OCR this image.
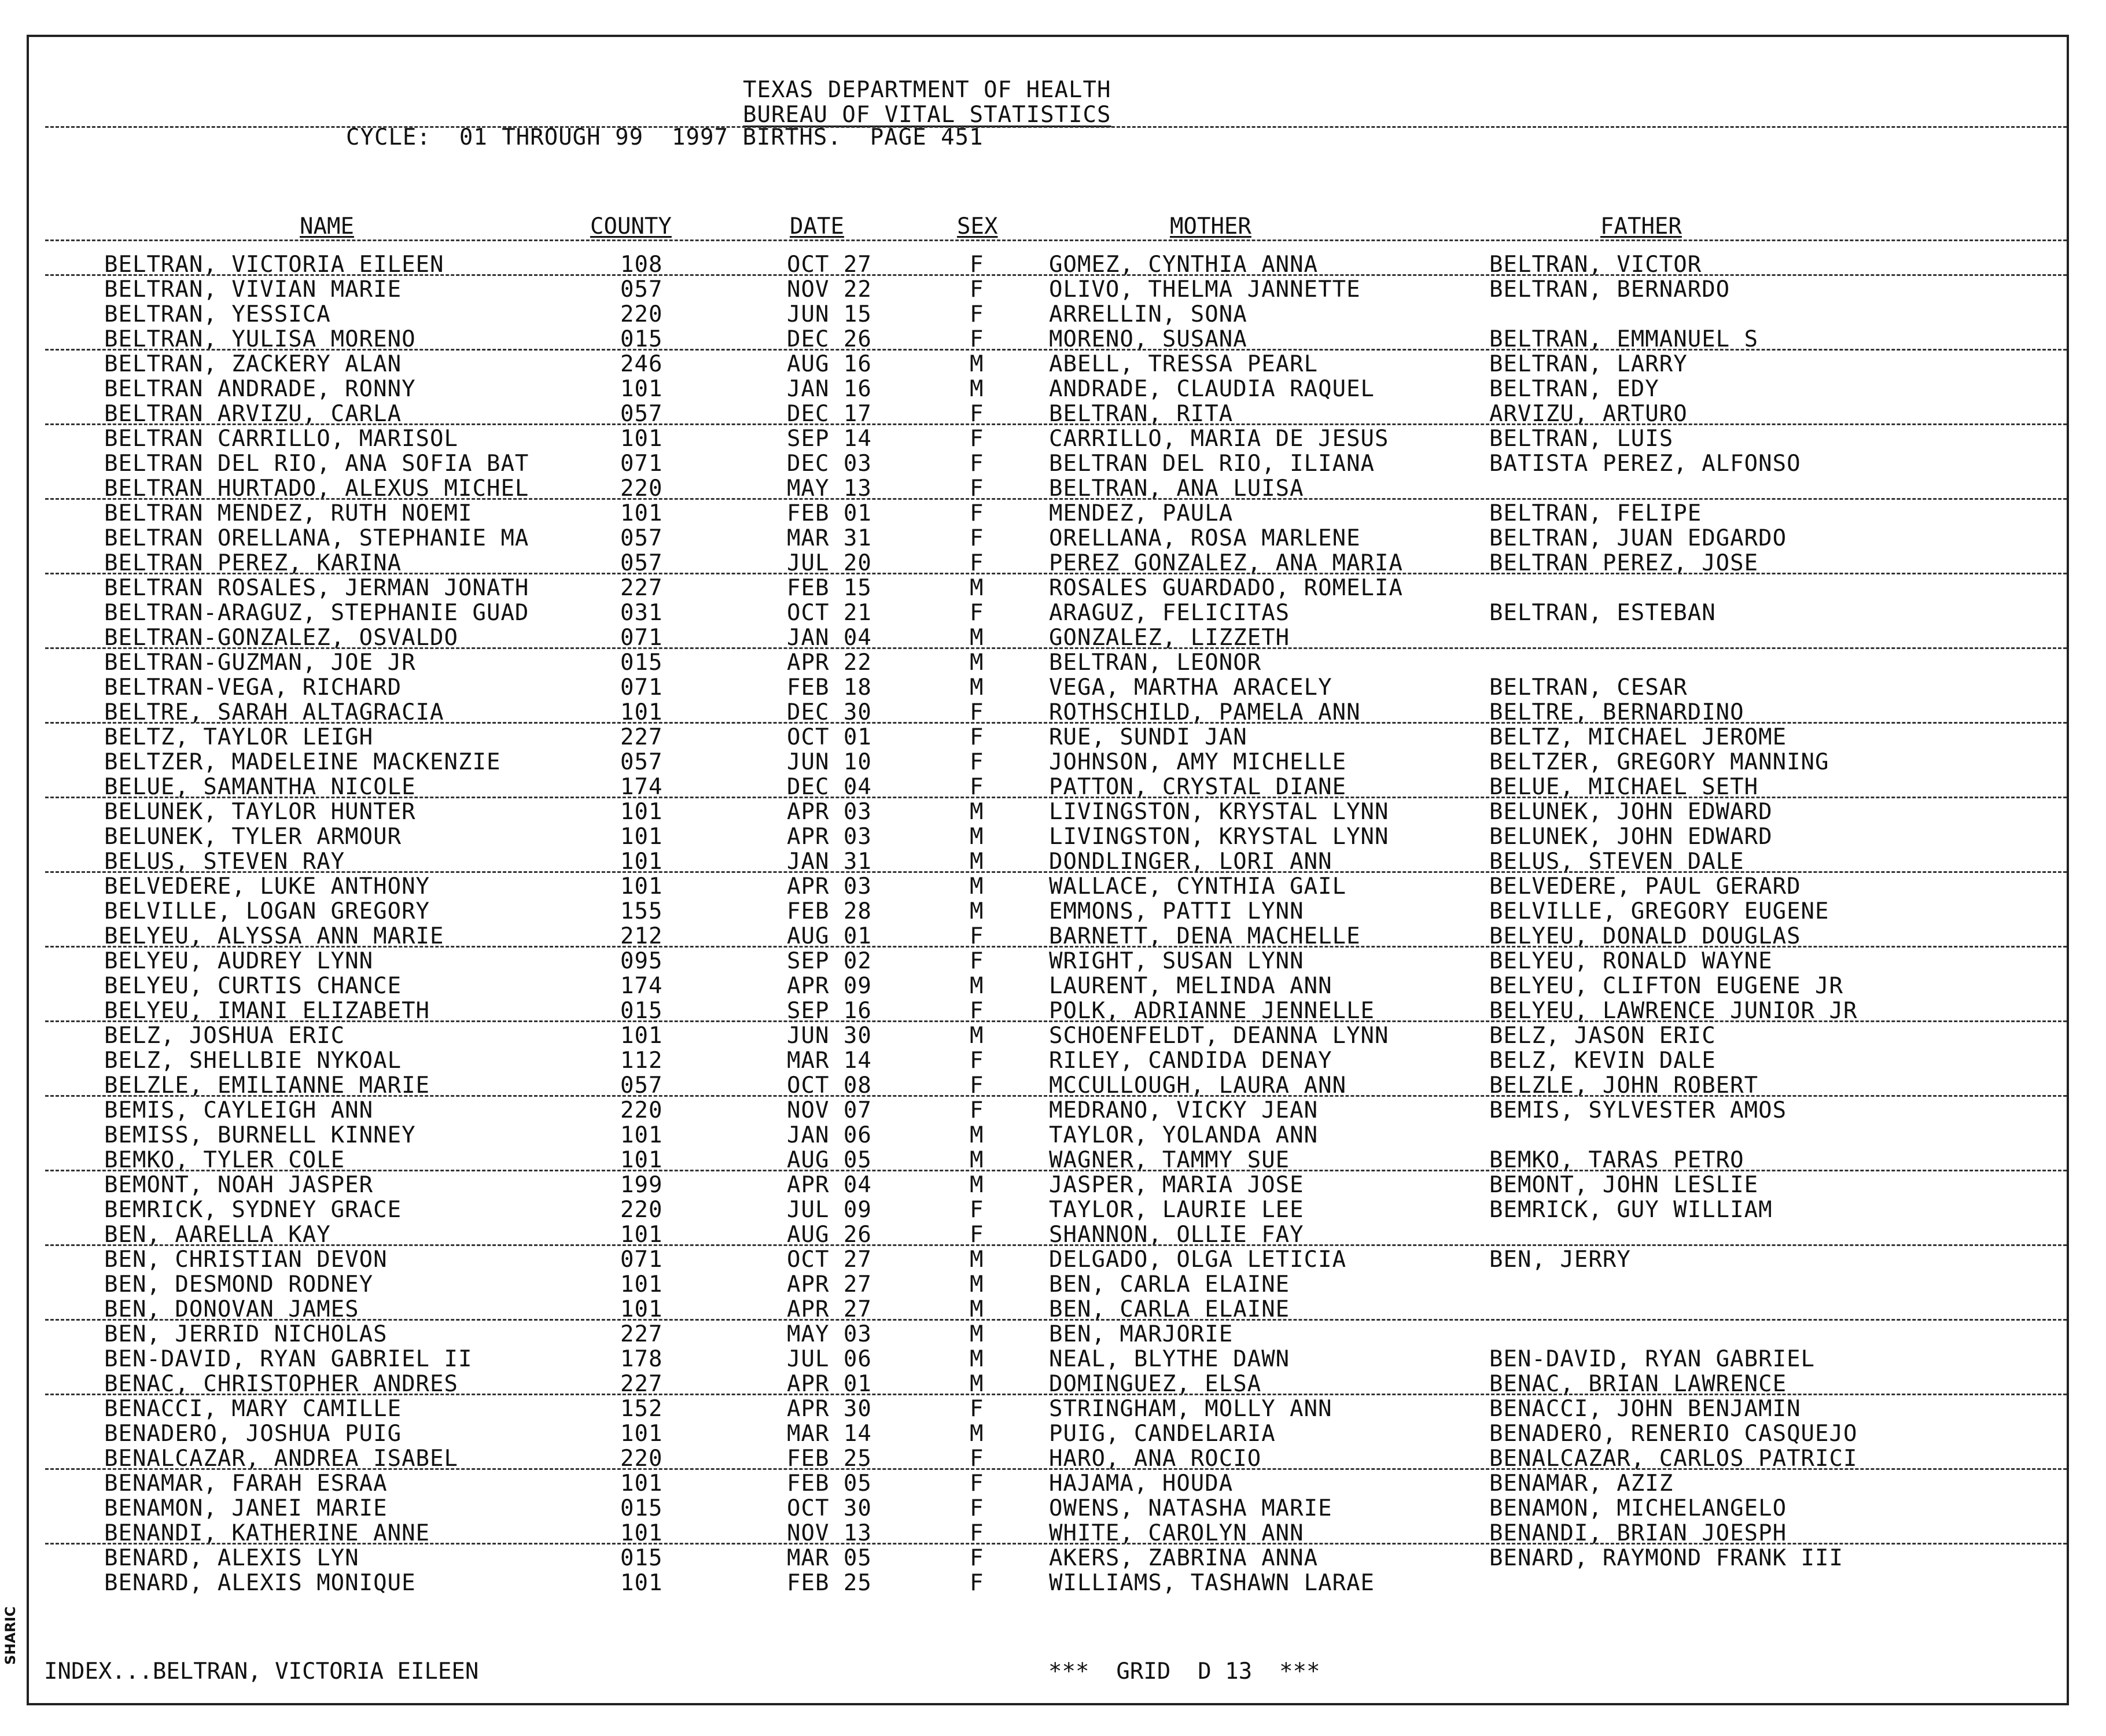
SHARIC
TEXAS DEPARTMENT OF HEALTH
BUREAU OF VITAL STATISTICS
CYCLE:  01 THROUGH 99  1997 BIRTHS.  PAGE 451
NAME	COUNTY	DATE	SEX	MOTHER	FATHER
BELTRAN, VICTORIA EILEEN	108	OCT 27	F	GOMEZ, CYNTHIA ANNA	BELTRAN, VICTOR
BELTRAN, VIVIAN MARIE	057	NOV 22	F	OLIVO, THELMA JANNETTE	BELTRAN, BERNARDO
BELTRAN, YESSICA	220	JUN 15	F	ARRELLIN, SONA
BELTRAN, YULISA MORENO	015	DEC 26	F	MORENO, SUSANA	BELTRAN, EMMANUEL S
BELTRAN, ZACKERY ALAN	246	AUG 16	M	ABELL, TRESSA PEARL	BELTRAN, LARRY
BELTRAN ANDRADE, RONNY	101	JAN 16	M	ANDRADE, CLAUDIA RAQUEL	BELTRAN, EDY
BELTRAN ARVIZU, CARLA	057	DEC 17	F	BELTRAN, RITA	ARVIZU, ARTURO
BELTRAN CARRILLO, MARISOL	101	SEP 14	F	CARRILLO, MARIA DE JESUS	BELTRAN, LUIS
BELTRAN DEL RIO, ANA SOFIA BAT	071	DEC 03	F	BELTRAN DEL RIO, ILIANA	BATISTA PEREZ, ALFONSO
BELTRAN HURTADO, ALEXUS MICHEL	220	MAY 13	F	BELTRAN, ANA LUISA
BELTRAN MENDEZ, RUTH NOEMI	101	FEB 01	F	MENDEZ, PAULA	BELTRAN, FELIPE
BELTRAN ORELLANA, STEPHANIE MA	057	MAR 31	F	ORELLANA, ROSA MARLENE	BELTRAN, JUAN EDGARDO
BELTRAN PEREZ, KARINA	057	JUL 20	F	PEREZ GONZALEZ, ANA MARIA	BELTRAN PEREZ, JOSE
BELTRAN ROSALES, JERMAN JONATH	227	FEB 15	M	ROSALES GUARDADO, ROMELIA
BELTRAN-ARAGUZ, STEPHANIE GUAD	031	OCT 21	F	ARAGUZ, FELICITAS	BELTRAN, ESTEBAN
BELTRAN-GONZALEZ, OSVALDO	071	JAN 04	M	GONZALEZ, LIZZETH
BELTRAN-GUZMAN, JOE JR	015	APR 22	M	BELTRAN, LEONOR
BELTRAN-VEGA, RICHARD	071	FEB 18	M	VEGA, MARTHA ARACELY	BELTRAN, CESAR
BELTRE, SARAH ALTAGRACIA	101	DEC 30	F	ROTHSCHILD, PAMELA ANN	BELTRE, BERNARDINO
BELTZ, TAYLOR LEIGH	227	OCT 01	F	RUE, SUNDI JAN	BELTZ, MICHAEL JEROME
BELTZER, MADELEINE MACKENZIE	057	JUN 10	F	JOHNSON, AMY MICHELLE	BELTZER, GREGORY MANNING
BELUE, SAMANTHA NICOLE	174	DEC 04	F	PATTON, CRYSTAL DIANE	BELUE, MICHAEL SETH
BELUNEK, TAYLOR HUNTER	101	APR 03	M	LIVINGSTON, KRYSTAL LYNN	BELUNEK, JOHN EDWARD
BELUNEK, TYLER ARMOUR	101	APR 03	M	LIVINGSTON, KRYSTAL LYNN	BELUNEK, JOHN EDWARD
BELUS, STEVEN RAY	101	JAN 31	M	DONDLINGER, LORI ANN	BELUS, STEVEN DALE
BELVEDERE, LUKE ANTHONY	101	APR 03	M	WALLACE, CYNTHIA GAIL	BELVEDERE, PAUL GERARD
BELVILLE, LOGAN GREGORY	155	FEB 28	M	EMMONS, PATTI LYNN	BELVILLE, GREGORY EUGENE
BELYEU, ALYSSA ANN MARIE	212	AUG 01	F	BARNETT, DENA MACHELLE	BELYEU, DONALD DOUGLAS
BELYEU, AUDREY LYNN	095	SEP 02	F	WRIGHT, SUSAN LYNN	BELYEU, RONALD WAYNE
BELYEU, CURTIS CHANCE	174	APR 09	M	LAURENT, MELINDA ANN	BELYEU, CLIFTON EUGENE JR
BELYEU, IMANI ELIZABETH	015	SEP 16	F	POLK, ADRIANNE JENNELLE	BELYEU, LAWRENCE JUNIOR JR
BELZ, JOSHUA ERIC	101	JUN 30	M	SCHOENFELDT, DEANNA LYNN	BELZ, JASON ERIC
BELZ, SHELLBIE NYKOAL	112	MAR 14	F	RILEY, CANDIDA DENAY	BELZ, KEVIN DALE
BELZLE, EMILIANNE MARIE	057	OCT 08	F	MCCULLOUGH, LAURA ANN	BELZLE, JOHN ROBERT
BEMIS, CAYLEIGH ANN	220	NOV 07	F	MEDRANO, VICKY JEAN	BEMIS, SYLVESTER AMOS
BEMISS, BURNELL KINNEY	101	JAN 06	M	TAYLOR, YOLANDA ANN
BEMKO, TYLER COLE	101	AUG 05	M	WAGNER, TAMMY SUE	BEMKO, TARAS PETRO
BEMONT, NOAH JASPER	199	APR 04	M	JASPER, MARIA JOSE	BEMONT, JOHN LESLIE
BEMRICK, SYDNEY GRACE	220	JUL 09	F	TAYLOR, LAURIE LEE	BEMRICK, GUY WILLIAM
BEN, AARELLA KAY	101	AUG 26	F	SHANNON, OLLIE FAY
BEN, CHRISTIAN DEVON	071	OCT 27	M	DELGADO, OLGA LETICIA	BEN, JERRY
BEN, DESMOND RODNEY	101	APR 27	M	BEN, CARLA ELAINE
BEN, DONOVAN JAMES	101	APR 27	M	BEN, CARLA ELAINE
BEN, JERRID NICHOLAS	227	MAY 03	M	BEN, MARJORIE
BEN-DAVID, RYAN GABRIEL II	178	JUL 06	M	NEAL, BLYTHE DAWN	BEN-DAVID, RYAN GABRIEL
BENAC, CHRISTOPHER ANDRES	227	APR 01	M	DOMINGUEZ, ELSA	BENAC, BRIAN LAWRENCE
BENACCI, MARY CAMILLE	152	APR 30	F	STRINGHAM, MOLLY ANN	BENACCI, JOHN BENJAMIN
BENADERO, JOSHUA PUIG	101	MAR 14	M	PUIG, CANDELARIA	BENADERO, RENERIO CASQUEJO
BENALCAZAR, ANDREA ISABEL	220	FEB 25	F	HARO, ANA ROCIO	BENALCAZAR, CARLOS PATRICI
BENAMAR, FARAH ESRAA	101	FEB 05	F	HAJAMA, HOUDA	BENAMAR, AZIZ
BENAMON, JANEI MARIE	015	OCT 30	F	OWENS, NATASHA MARIE	BENAMON, MICHELANGELO
BENANDI, KATHERINE ANNE	101	NOV 13	F	WHITE, CAROLYN ANN	BENANDI, BRIAN JOESPH
BENARD, ALEXIS LYN	015	MAR 05	F	AKERS, ZABRINA ANNA	BENARD, RAYMOND FRANK III
BENARD, ALEXIS MONIQUE	101	FEB 25	F	WILLIAMS, TASHAWN LARAE
INDEX...BELTRAN, VICTORIA EILEEN	***  GRID  D 13  ***
